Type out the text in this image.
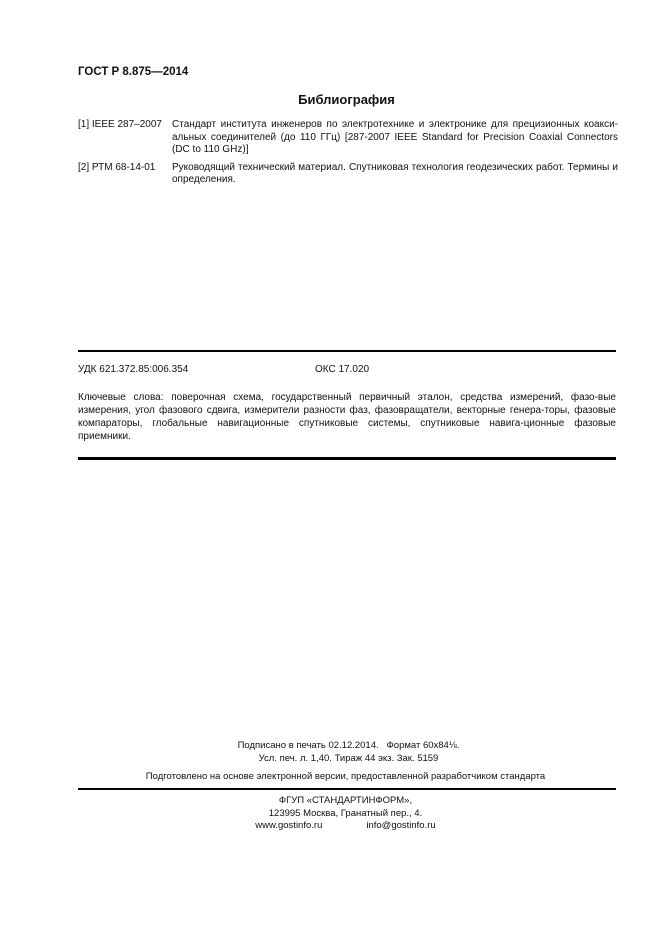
ГОСТ Р 8.875—2014
Библиография
[1] IEEE 287–2007	Стандарт института инженеров по электротехнике и электронике для прецизионных коакси-альных соединителей (до 110 ГГц) [287-2007 IEEE Standard for Precision Coaxial Connectors (DC to 110 GHz)]
[2] РТМ 68-14-01	Руководящий технический материал. Спутниковая технология геодезических работ. Термины и определения.
УДК 621.372.85:006.354	ОКС 17.020
Ключевые слова: поверочная схема, государственный первичный эталон, средства измерений, фазо-вые измерения, угол фазового сдвига, измерители разности фаз, фазовращатели, векторные генера-торы, фазовые компараторы, глобальные навигационные спутниковые системы, спутниковые навига-ционные фазовые приемники.
Подписано в печать 02.12.2014.   Формат 60х84⅛.
Усл. печ. л. 1,40. Тираж 44 экз. Зак. 5159
Подготовлено на основе электронной версии, предоставленной разработчиком стандарта
ФГУП «СТАНДАРТИНФОРМ»,
123995 Москва, Гранатный пер., 4.
www.gostinfo.ru	info@gostinfo.ru
